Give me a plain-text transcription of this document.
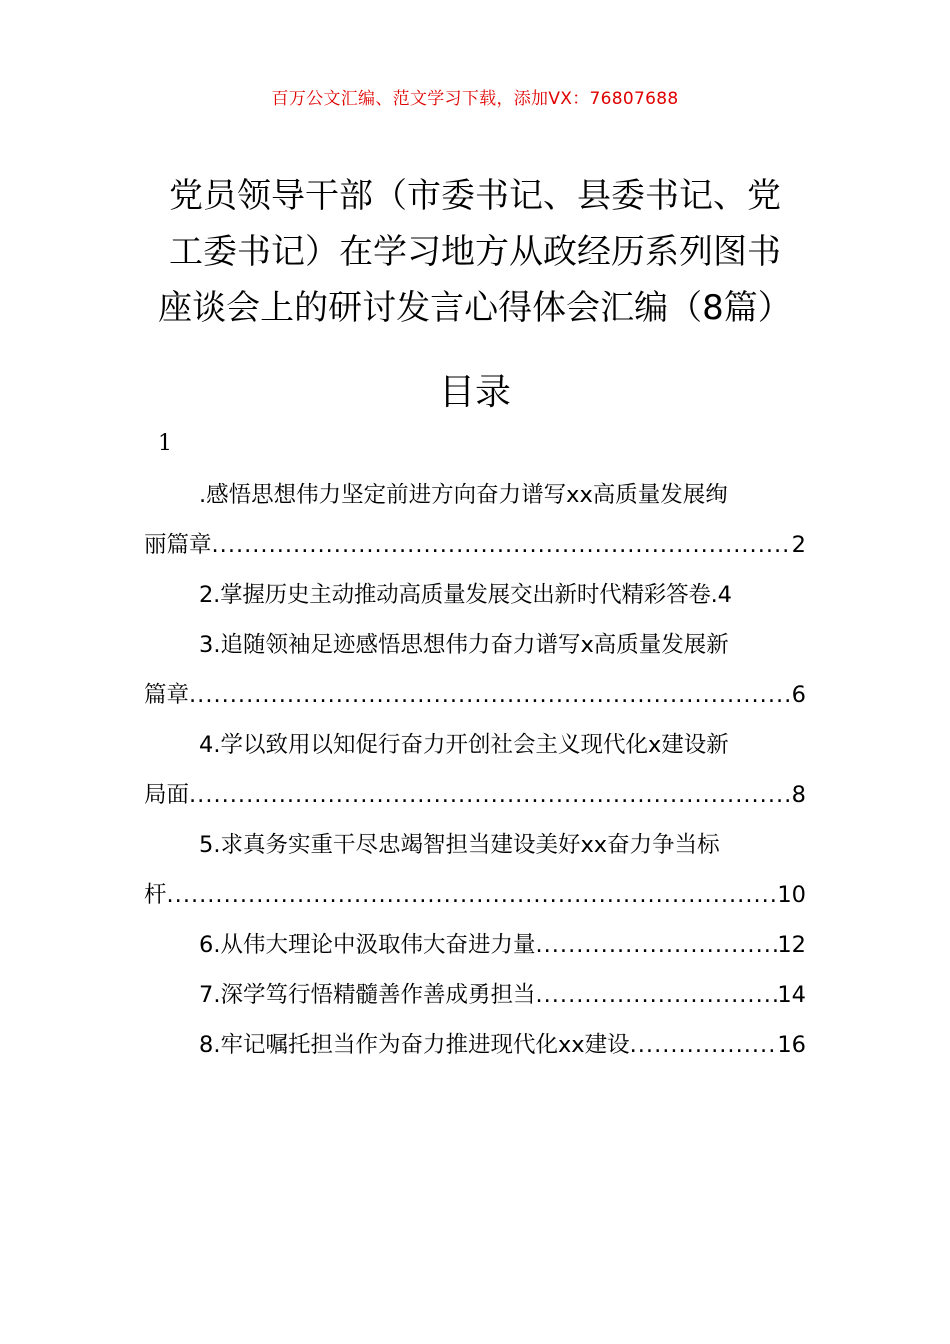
百万公文汇编、范文学习下载，添加VX：76807688
党员领导干部（市委书记、县委书记、党
工委书记）在学习地方从政经历系列图书
座谈会上的研讨发言心得体会汇编（8篇）
目录
1
.感悟思想伟力坚定前进方向奋力谱写xx高质量发展绚
丽篇章 .....	2
2.掌握历史主动推动高质量发展交出新时代精彩答卷. 4
3.追随领袖足迹感悟思想伟力奋力谱写x高质量发展新
篇章 .....	6
4.学以致用以知促行奋力开创社会主义现代化x建设新
局面 .....	8
5.求真务实重干尽忠竭智担当建设美好xx奋力争当标
杆 .....	10
6.从伟大理论中汲取伟大奋进力量 .....	12
7.深学笃行悟精髓善作善成勇担当 .....	14
8.牢记嘱托担当作为奋力推进现代化xx建设 .....	16
